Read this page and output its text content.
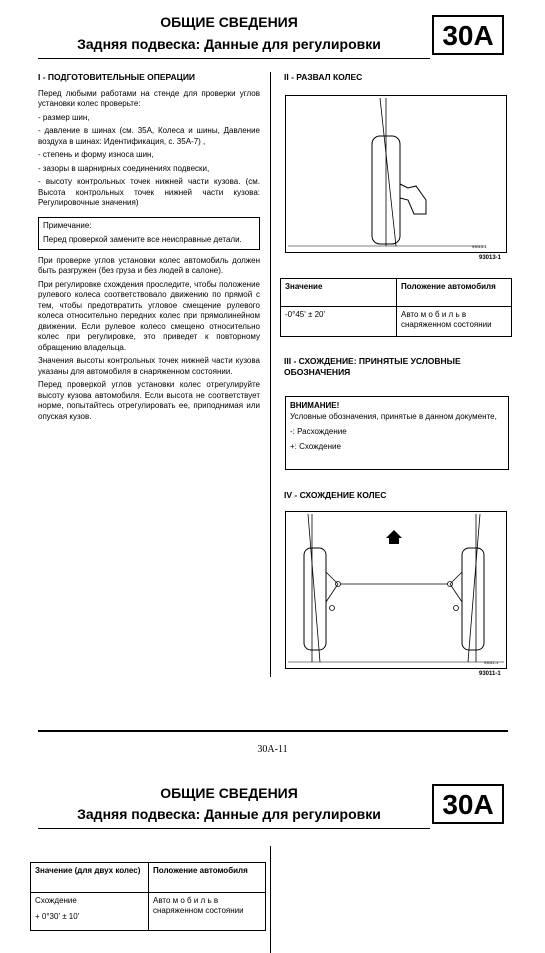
ОБЩИЕ СВЕДЕНИЯ
Задняя подвеска: Данные для регулировки	30A
I - ПОДГОТОВИТЕЛЬНЫЕ ОПЕРАЦИИ

Перед любыми работами на стенде для проверки углов установки колес проверьте:

- размер шин,

- давление в шинах (см. 35A, Колеса и шины, Давление воздуха в шинах: Идентификация, с. 35A-7) ,

- степень и форму износа шин,

- зазоры в шарнирных соединениях подвески,

- высоту контрольных точек нижней части кузова. (см. Высота контрольных точек нижней части кузова: Регулировочные значения)

Примечание:
Перед проверкой замените все неисправные детали.

При проверке углов установки колес автомобиль должен быть разгружен (без груза и без людей в салоне).

При регулировке схождения проследите, чтобы положение рулевого колеса соответствовало движению по прямой с тем, чтобы предотвратить угловое смещение рулевого колеса относительно передних колес при прямолинейном движении. Если рулевое колесо смещено относительно колес при регулировке, это приведет к повторному обращению владельца.

Значения высоты контрольных точек нижней части кузова указаны для автомобиля в снаряженном состоянии.

Перед проверкой углов установки колес отрегулируйте высоту кузова автомобиля. Если высота не соответствует норме, попытайтесь отрегулировать ее, приподнимая или опуская кузов.

II - РАЗВАЛ КОЛЕС
93013-1
93013-1
Значение	Положение автомобиля
-0°45' ± 20'	Авто м о б и л ь в снаряженном состоянии
III - СХОЖДЕНИЕ: ПРИНЯТЫЕ УСЛОВНЫЕ ОБОЗНАЧЕНИЯ
ВНИМАНИЕ!
Условные обозначения, принятые в данном документе,
-: Расхождение
+: Схождение
IV - СХОЖДЕНИЕ КОЛЕС
93011-1
93011-1
30A-11
ОБЩИЕ СВЕДЕНИЯ
Задняя подвеска: Данные для регулировки	30A
Значение (для двух колес)	Положение автомобиля

Схождение
+ 0°30' ± 10'	Авто м о б и л ь в снаряженном состоянии
